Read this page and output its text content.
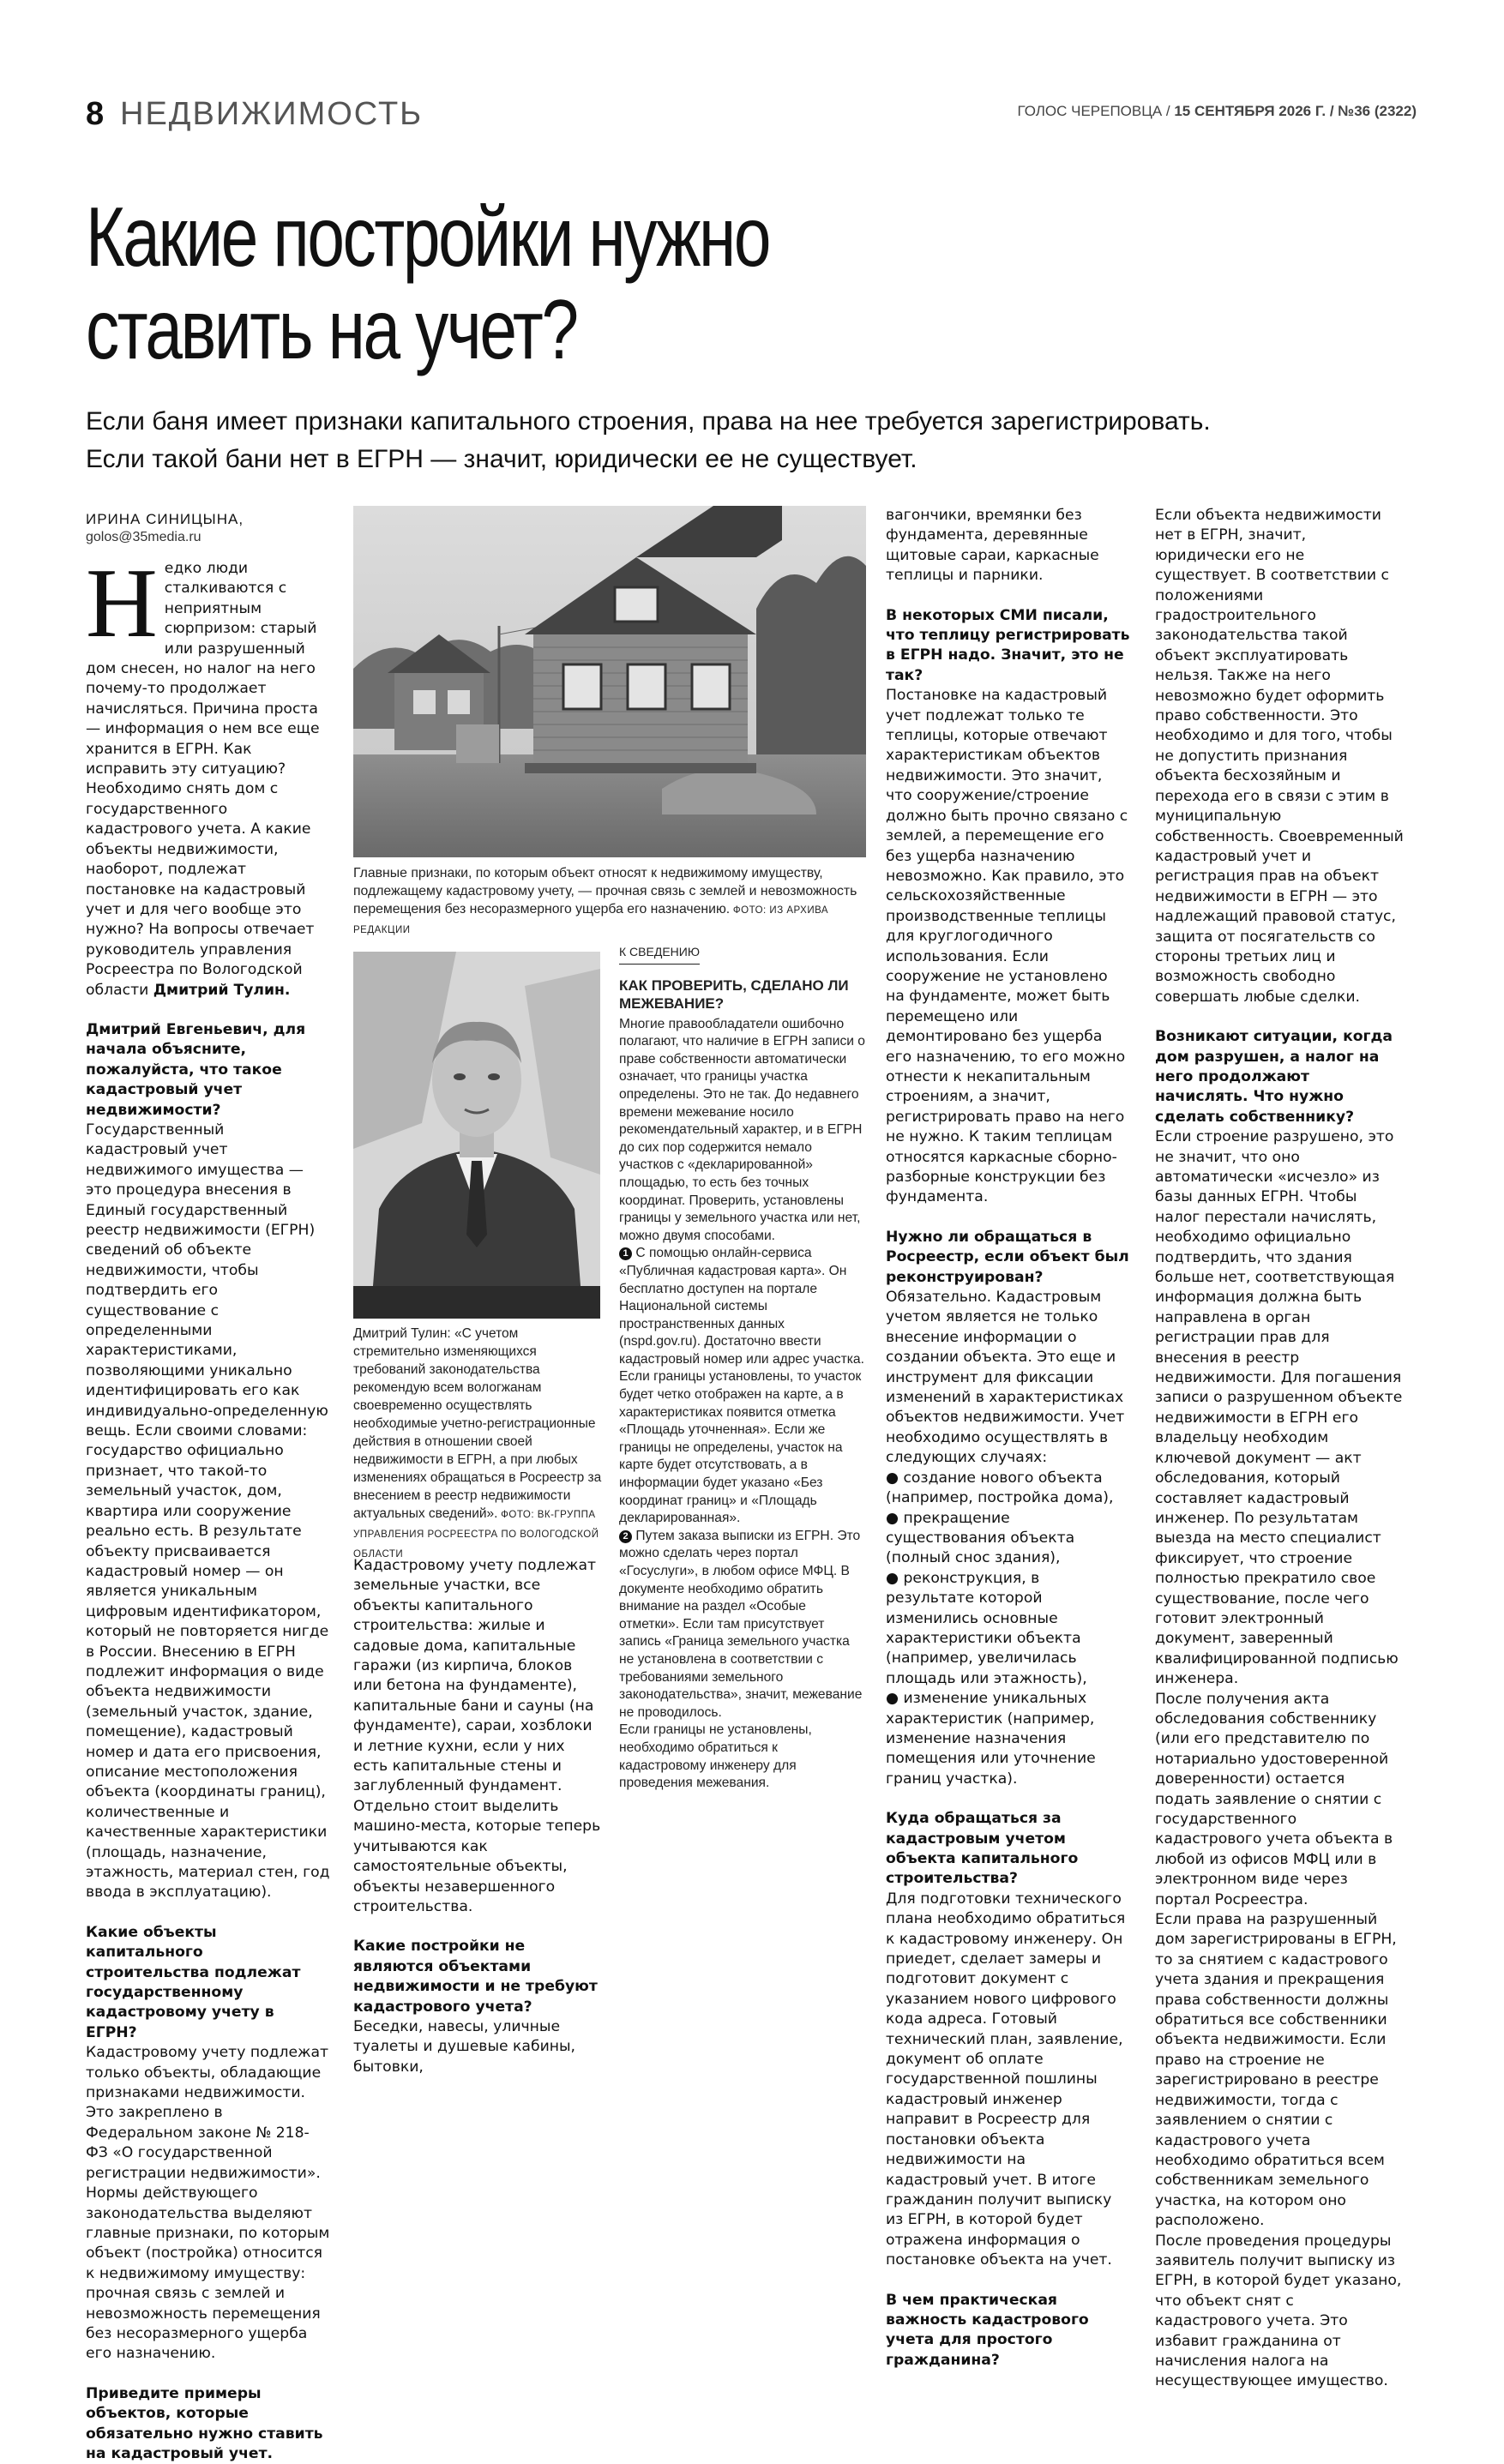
8 НЕДВИЖИМОСТЬ	ГОЛОС ЧЕРЕПОВЦА / 15 СЕНТЯБРЯ 2026 Г. / №36 (2322)
Какие постройки нужно
ставить на учет?
Если баня имеет признаки капитального строения, права на нее требуется зарегистрировать.
Если такой бани нет в ЕГРН — значит, юридически ее не существует.
ИРИНА СИНИЦЫНА,
golos@35media.ru

Недко люди сталкиваются с неприятным сюрпризом: старый или разрушенный дом снесен, но налог на него почему-то продолжает начисляться. Причина проста — информация о нем все еще хранится в ЕГРН. Как исправить эту ситуацию? Необходимо снять дом с государственного кадастрового учета. А какие объекты недвижимости, наоборот, подлежат постановке на кадастровый учет и для чего вообще это нужно? На вопросы отвечает руководитель управления Росреестра по Вологодской области Дмитрий Тулин.

Дмитрий Евгеньевич, для начала объясните, пожалуйста, что такое кадастровый учет недвижимости?

Государственный кадастровый учет недвижимого имущества — это процедура внесения в Единый государственный реестр недвижимости (ЕГРН) сведений об объекте недвижимости, чтобы подтвердить его существование с определенными характеристиками, позволяющими уникально идентифицировать его как индивидуально-определенную вещь. Если своими словами: государство официально признает, что такой-то земельный участок, дом, квартира или сооружение реально есть. В результате объекту присваивается кадастровый номер — он является уникальным цифровым идентификатором, который не повторяется нигде в России. Внесению в ЕГРН подлежит информация о виде объекта недвижимости (земельный участок, здание, помещение), кадастровый номер и дата его присвоения, описание местоположения объекта (координаты границ), количественные и качественные характеристики (площадь, назначение, этажность, материал стен, год ввода в эксплуатацию).

Какие объекты капитального строительства подлежат государственному кадастровому учету в ЕГРН?

Кадастровому учету подлежат только объекты, обладающие признаками недвижимости. Это закреплено в Федеральном законе № 218-ФЗ «О государственной регистрации недвижимости». Нормы действующего законодательства выделяют главные признаки, по которым объект (постройка) относится к недвижимому имуществу: прочная связь с землей и невозможность перемещения без несоразмерного ущерба его назначению.

Приведите примеры объектов, которые обязательно нужно ставить на кадастровый учет.

Главные признаки, по которым объект относят к недвижимому имуществу, подлежащему кадастровому учету, — прочная связь с землей и невозможность перемещения без несоразмерного ущерба его назначению. ФОТО: ИЗ АРХИВА РЕДАКЦИИ
Дмитрий Тулин: «С учетом стремительно изменяющихся требований законодательства рекомендую всем вологжанам своевременно осуществлять необходимые учетно-регистрационные действия в отношении своей недвижимости в ЕГРН, а при любых изменениях обращаться в Росреестр за внесением в реестр недвижимости актуальных сведений». ФОТО: ВК-ГРУППА УПРАВЛЕНИЯ РОСРЕЕСТРА ПО ВОЛОГОДСКОЙ ОБЛАСТИ
К СВЕДЕНИЮ
КАК ПРОВЕРИТЬ, СДЕЛАНО ЛИ МЕЖЕВАНИЕ?

Многие правообладатели ошибочно полагают, что наличие в ЕГРН записи о праве собственности автоматически означает, что границы участка определены. Это не так. До недавнего времени межевание носило рекомендательный характер, и в ЕГРН до сих пор содержится немало участков с «декларированной» площадью, то есть без точных координат. Проверить, установлены границы у земельного участка или нет, можно двумя способами.

1 С помощью онлайн-сервиса «Публичная кадастровая карта». Он бесплатно доступен на портале Национальной системы пространственных данных (nspd.gov.ru). Достаточно ввести кадастровый номер или адрес участка. Если границы установлены, то участок будет четко отображен на карте, а в характеристиках появится отметка «Площадь уточненная». Если же границы не определены, участок на карте будет отсутствовать, а в информации будет указано «Без координат границ» и «Площадь декларированная».

2 Путем заказа выписки из ЕГРН. Это можно сделать через портал «Госуслуги», в любом офисе МФЦ. В документе необходимо обратить внимание на раздел «Особые отметки». Если там присутствует запись «Граница земельного участка не установлена в соответствии с требованиями земельного законодательства», значит, межевание не проводилось.

Если границы не установлены, необходимо обратиться к кадастровому инженеру для проведения межевания.

Кадастровому учету подлежат земельные участки, все объекты капитального строительства: жилые и садовые дома, капитальные гаражи (из кирпича, блоков или бетона на фундаменте), капитальные бани и сауны (на фундаменте), сараи, хозблоки и летние кухни, если у них есть капитальные стены и заглубленный фундамент. Отдельно стоит выделить машино-места, которые теперь учитываются как самостоятельные объекты, объекты незавершенного строительства.

Какие постройки не являются объектами недвижимости и не требуют кадастрового учета?

Беседки, навесы, уличные туалеты и душевые кабины, бытовки,

вагончики, времянки без фундамента, деревянные щитовые сараи, каркасные теплицы и парники.

В некоторых СМИ писали, что теплицу регистрировать в ЕГРН надо. Значит, это не так?

Постановке на кадастровый учет подлежат только те теплицы, которые отвечают характеристикам объектов недвижимости. Это значит, что сооружение/строение должно быть прочно связано с землей, а перемещение его без ущерба назначению невозможно. Как правило, это сельскохозяйственные производственные теплицы для круглогодичного использования. Если сооружение не установлено на фундаменте, может быть перемещено или демонтировано без ущерба его назначению, то его можно отнести к некапитальным строениям, а значит, регистрировать право на него не нужно. К таким теплицам относятся каркасные сборно-разборные конструкции без фундамента.

Нужно ли обращаться в Росреестр, если объект был реконструирован?

Обязательно. Кадастровым учетом является не только внесение информации о создании объекта. Это еще и инструмент для фиксации изменений в характеристиках объектов недвижимости. Учет необходимо осуществлять в следующих случаях:

● создание нового объекта (например, постройка дома),

● прекращение существования объекта (полный снос здания),

● реконструкция, в результате которой изменились основные характеристики объекта (например, увеличилась площадь или этажность),

● изменение уникальных характеристик (например, изменение назначения помещения или уточнение границ участка).

Куда обращаться за кадастровым учетом объекта капитального строительства?

Для подготовки технического плана необходимо обратиться к кадастровому инженеру. Он приедет, сделает замеры и подготовит документ с указанием нового цифрового кода адреса. Готовый технический план, заявление, документ об оплате государственной пошлины кадастровый инженер направит в Росреестр для постановки объекта недвижимости на кадастровый учет. В итоге гражданин получит выписку из ЕГРН, в которой будет отражена информация о постановке объекта на учет.

В чем практическая важность кадастрового учета для простого гражданина?

Если объекта недвижимости нет в ЕГРН, значит, юридически его не существует. В соответствии с положениями градостроительного законодательства такой объект эксплуатировать нельзя. Также на него невозможно будет оформить право собственности. Это необходимо и для того, чтобы не допустить признания объекта бесхозяйным и перехода его в связи с этим в муниципальную собственность. Своевременный кадастровый учет и регистрация прав на объект недвижимости в ЕГРН — это надлежащий правовой статус, защита от посягательств со стороны третьих лиц и возможность свободно совершать любые сделки.

Возникают ситуации, когда дом разрушен, а налог на него продолжают начислять. Что нужно сделать собственнику?

Если строение разрушено, это не значит, что оно автоматически «исчезло» из базы данных ЕГРН. Чтобы налог перестали начислять, необходимо официально подтвердить, что здания больше нет, соответствующая информация должна быть направлена в орган регистрации прав для внесения в реестр недвижимости. Для погашения записи о разрушенном объекте недвижимости в ЕГРН его владельцу необходим ключевой документ — акт обследования, который составляет кадастровый инженер. По результатам выезда на место специалист фиксирует, что строение полностью прекратило свое существование, после чего готовит электронный документ, заверенный квалифицированной подписью инженера.

После получения акта обследования собственнику (или его представителю по нотариально удостоверенной доверенности) остается подать заявление о снятии с государственного кадастрового учета объекта в любой из офисов МФЦ или в электронном виде через портал Росреестра.

Если права на разрушенный дом зарегистрированы в ЕГРН, то за снятием с кадастрового учета здания и прекращения права собственности должны обратиться все собственники объекта недвижимости. Если право на строение не зарегистрировано в реестре недвижимости, тогда с заявлением о снятии с кадастрового учета необходимо обратиться всем собственникам земельного участка, на котором оно расположено.

После проведения процедуры заявитель получит выписку из ЕГРН, в которой будет указано, что объект снят с кадастрового учета. Это избавит гражданина от начисления налога на несуществующее имущество.
